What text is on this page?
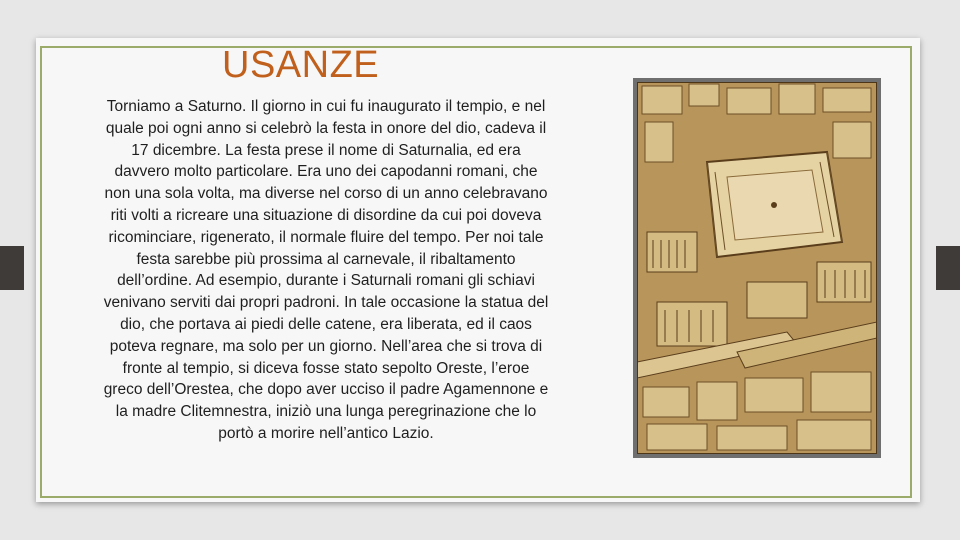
USANZE
Torniamo a Saturno. Il giorno in cui fu inaugurato il tempio, e nel quale poi ogni anno si celebrò la festa in onore del dio, cadeva il 17 dicembre. La festa prese il nome di Saturnalia, ed era davvero molto particolare. Era uno dei capodanni romani, che non una sola volta, ma diverse nel corso di un anno celebravano riti volti a ricreare una situazione di disordine da cui poi doveva ricominciare, rigenerato, il normale fluire del tempo. Per noi tale festa sarebbe più prossima al carnevale, il ribaltamento dell’ordine. Ad esempio, durante i Saturnali romani gli schiavi venivano serviti dai propri padroni. In tale occasione la statua del dio, che portava ai piedi delle catene, era liberata, ed il caos poteva regnare, ma solo per un giorno. Nell’area che si trova di fronte al tempio, si diceva fosse stato sepolto Oreste, l’eroe greco dell’Orestea, che dopo aver ucciso il padre Agamennone e la madre Clitemnestra, iniziò una lunga peregrinazione che lo portò a morire nell’antico Lazio.
